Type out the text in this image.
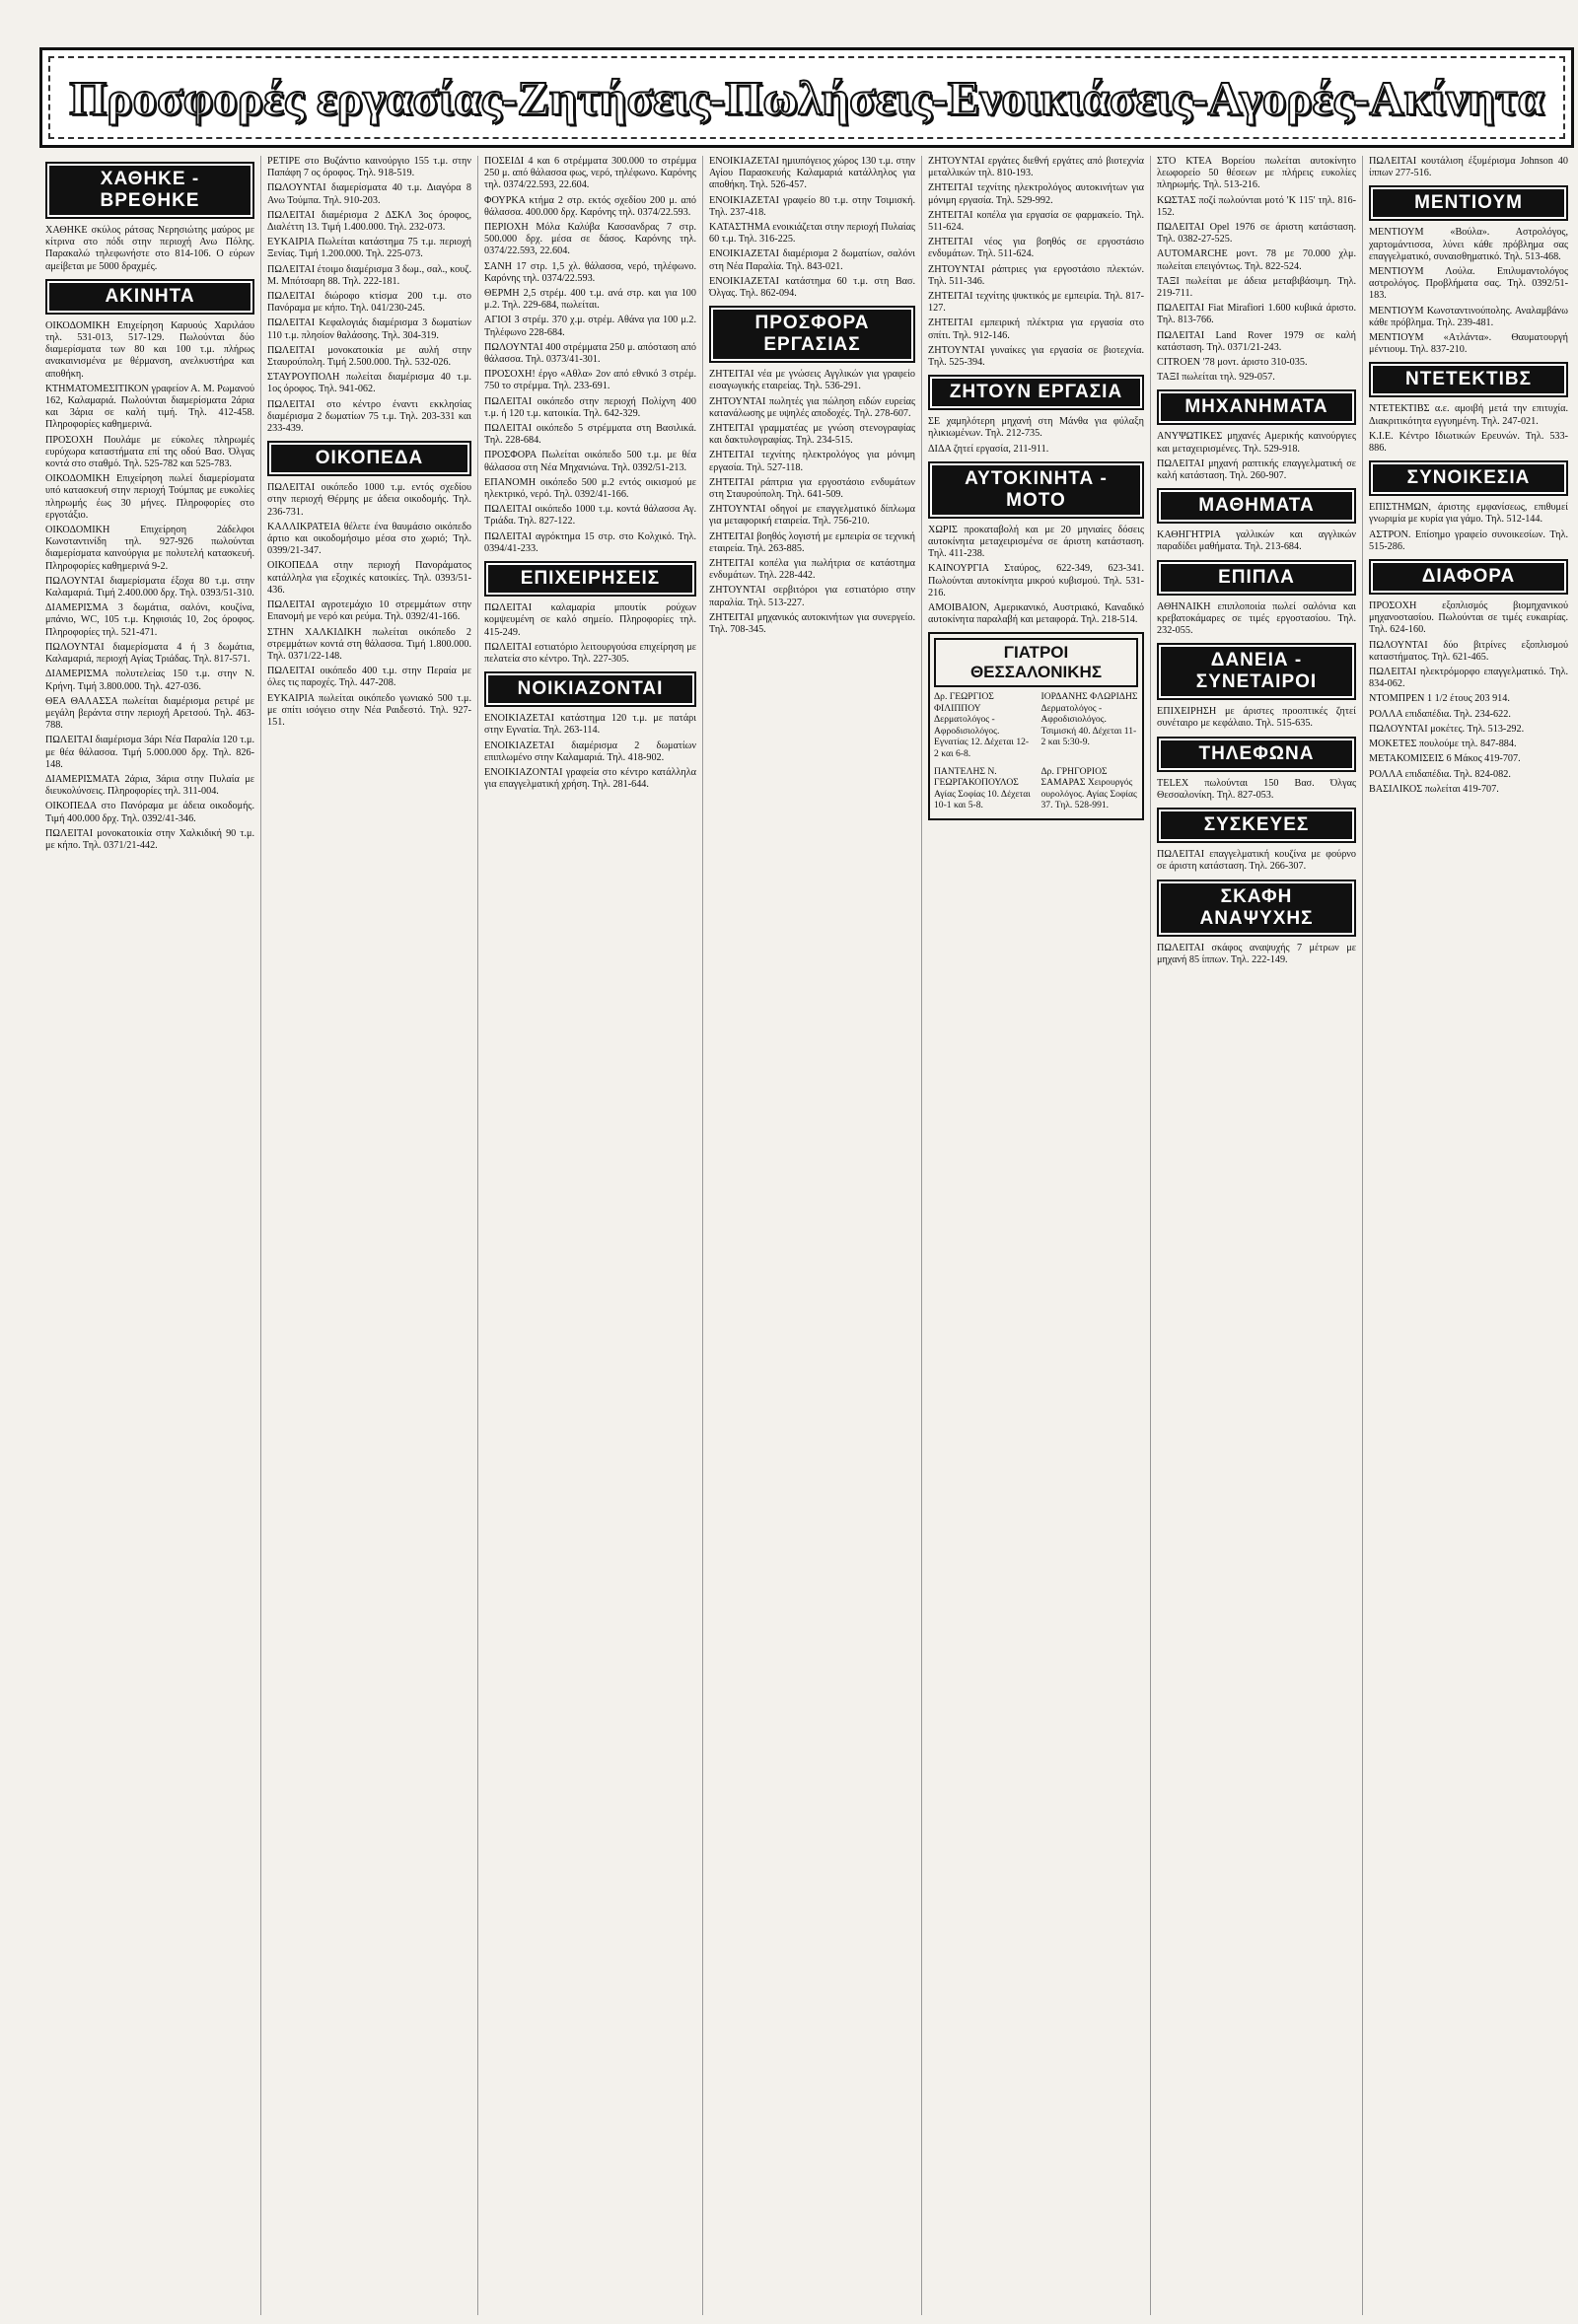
Προσφορές εργασίας-Ζητήσεις-Πωλήσεις-Ενοικιάσεις-Αγορές-Ακίνητα
ΧΑΘΗΚΕ - ΒΡΕΘΗΚΕ

ΧΑΘΗΚΕ σκύλος ράτσας Νερησιώτης μαύρος με κίτρινα στο πόδι στην περιοχή Ανω Πόλης. Παρακαλώ τηλεφωνήστε στο 814-106. Ο εύρων αμείβεται με 5000 δραχμές.

ΑΚΙΝΗΤΑ

ΟΙΚΟΔΟΜΙΚΗ Επιχείρηση Καρυούς Χαριλάου τηλ. 531-013, 517-129. Πωλούνται δύο διαμερίσματα των 80 και 100 τ.μ. πλήρως ανακαινισμένα με θέρμανση, ανελκυστήρα και αποθήκη.

ΚΤΗΜΑΤΟΜΕΣΙΤΙΚΟΝ γραφείον Α. Μ. Ρωμανού 162, Καλαμαριά. Πωλούνται διαμερίσματα 2άρια και 3άρια σε καλή τιμή. Τηλ. 412-458. Πληροφορίες καθημερινά.

ΠΡΟΣΟΧΗ Πουλάμε με εύκολες πληρωμές ευρύχωρα καταστήματα επί της οδού Βασ. Όλγας κοντά στο σταθμό. Τηλ. 525-782 και 525-783.

ΟΙΚΟΔΟΜΙΚΗ Επιχείρηση πωλεί διαμερίσματα υπό κατασκευή στην περιοχή Τούμπας με ευκολίες πληρωμής έως 30 μήνες. Πληροφορίες στο εργοτάξιο.

ΟΙΚΟΔΟΜΙΚΗ Επιχείρηση 2άδελφοι Κωνσταντινίδη τηλ. 927-926 πωλούνται διαμερίσματα καινούργια με πολυτελή κατασκευή. Πληροφορίες καθημερινά 9-2.

ΠΩΛΟΥΝΤΑΙ διαμερίσματα έξοχα 80 τ.μ. στην Καλαμαριά. Τιμή 2.400.000 δρχ. Τηλ. 0393/51-310.

ΔΙΑΜΕΡΙΣΜΑ 3 δωμάτια, σαλόνι, κουζίνα, μπάνιο, WC, 105 τ.μ. Κηφισιάς 10, 2ος όροφος. Πληροφορίες τηλ. 521-471.

ΠΩΛΟΥΝΤΑΙ διαμερίσματα 4 ή 3 δωμάτια, Καλαμαριά, περιοχή Αγίας Τριάδας. Τηλ. 817-571.

ΔΙΑΜΕΡΙΣΜΑ πολυτελείας 150 τ.μ. στην Ν. Κρήνη. Τιμή 3.800.000. Τηλ. 427-036.

ΘΕΑ ΘΑΛΑΣΣΑ πωλείται διαμέρισμα ρετιρέ με μεγάλη βεράντα στην περιοχή Αρετσού. Τηλ. 463-788.

ΠΩΛΕΙΤΑΙ διαμέρισμα 3άρι Νέα Παραλία 120 τ.μ. με θέα θάλασσα. Τιμή 5.000.000 δρχ. Τηλ. 826-148.

ΔΙΑΜΕΡΙΣΜΑΤΑ 2άρια, 3άρια στην Πυλαία με διευκολύνσεις. Πληροφορίες τηλ. 311-004.

ΟΙΚΟΠΕΔΑ στο Πανόραμα με άδεια οικοδομής. Τιμή 400.000 δρχ. Τηλ. 0392/41-346.

ΠΩΛΕΙΤΑΙ μονοκατοικία στην Χαλκιδική 90 τ.μ. με κήπο. Τηλ. 0371/21-442.

ΡΕΤΙΡΕ στο Βυζάντιο καινούργιο 155 τ.μ. στην Παπάφη 7 ος όροφος. Τηλ. 918-519.

ΠΩΛΟΥΝΤΑΙ διαμερίσματα 40 τ.μ. Διαγόρα 8 Ανω Τούμπα. Τηλ. 910-203.

ΠΩΛΕΙΤΑΙ διαμέρισμα 2 ΔΣΚΛ 3ος όροφος, Διαλέττη 13. Τιμή 1.400.000. Τηλ. 232-073.

ΕΥΚΑΙΡΙΑ Πωλείται κατάστημα 75 τ.μ. περιοχή Ξενίας. Τιμή 1.200.000. Τηλ. 225-073.

ΠΩΛΕΙΤΑΙ έτοιμο διαμέρισμα 3 δωμ., σαλ., κουζ. Μ. Μπότσαρη 88. Τηλ. 222-181.

ΠΩΛΕΙΤΑΙ διώροφο κτίσμα 200 τ.μ. στο Πανόραμα με κήπο. Τηλ. 041/230-245.

ΠΩΛΕΙΤΑΙ Κεφαλογιάς διαμέρισμα 3 δωματίων 110 τ.μ. πλησίον θαλάσσης. Τηλ. 304-319.

ΠΩΛΕΙΤΑΙ μονοκατοικία με αυλή στην Σταυρούπολη. Τιμή 2.500.000. Τηλ. 532-026.

ΣΤΑΥΡΟΥΠΟΛΗ πωλείται διαμέρισμα 40 τ.μ. 1ος όροφος. Τηλ. 941-062.

ΠΩΛΕΙΤΑΙ στο κέντρο έναντι εκκλησίας διαμέρισμα 2 δωματίων 75 τ.μ. Τηλ. 203-331 και 233-439.

ΟΙΚΟΠΕΔΑ

ΠΩΛΕΙΤΑΙ οικόπεδο 1000 τ.μ. εντός σχεδίου στην περιοχή Θέρμης με άδεια οικοδομής. Τηλ. 236-731.

ΚΑΛΛΙΚΡΑΤΕΙΑ θέλετε ένα θαυμάσιο οικόπεδο άρτιο και οικοδομήσιμο μέσα στο χωριό; Τηλ. 0399/21-347.

ΟΙΚΟΠΕΔΑ στην περιοχή Πανοράματος κατάλληλα για εξοχικές κατοικίες. Τηλ. 0393/51-436.

ΠΩΛΕΙΤΑΙ αγροτεμάχιο 10 στρεμμάτων στην Επανομή με νερό και ρεύμα. Τηλ. 0392/41-166.

ΣΤΗΝ ΧΑΛΚΙΔΙΚΗ πωλείται οικόπεδο 2 στρεμμάτων κοντά στη θάλασσα. Τιμή 1.800.000. Τηλ. 0371/22-148.

ΠΩΛΕΙΤΑΙ οικόπεδο 400 τ.μ. στην Περαία με όλες τις παροχές. Τηλ. 447-208.

ΕΥΚΑΙΡΙΑ πωλείται οικόπεδο γωνιακό 500 τ.μ. με σπίτι ισόγειο στην Νέα Ραιδεστό. Τηλ. 927-151.

ΠΟΣΕΙΔΙ 4 και 6 στρέμματα 300.000 το στρέμμα 250 μ. από θάλασσα φως, νερό, τηλέφωνο. Καρόνης τηλ. 0374/22.593, 22.604.

ΦΟΥΡΚΑ κτήμα 2 στρ. εκτός σχεδίου 200 μ. από θάλασσα. 400.000 δρχ. Καρόνης τηλ. 0374/22.593.

ΠΕΡΙΟΧΗ Μόλα Καλύβα Κασσανδρας 7 στρ. 500.000 δρχ. μέσα σε δάσος. Καρόνης τηλ. 0374/22.593, 22.604.

ΣΑΝΗ 17 στρ. 1,5 χλ. θάλασσα, νερό, τηλέφωνο. Καρόνης τηλ. 0374/22.593.

ΘΕΡΜΗ 2,5 στρέμ. 400 τ.μ. ανά στρ. και για 100 μ.2. Τηλ. 229-684, πωλείται.

ΑΓΙΟΙ 3 στρέμ. 370 χ.μ. στρέμ. Αθάνα για 100 μ.2. Τηλέφωνο 228-684.

ΠΩΛΟΥΝΤΑΙ 400 στρέμματα 250 μ. απόσταση από θάλασσα. Τηλ. 0373/41-301.

ΠΡΟΣΟΧΗ! έργο «Αθλα» 2ον από εθνικό 3 στρέμ. 750 το στρέμμα. Τηλ. 233-691.

ΠΩΛΕΙΤΑΙ οικόπεδο στην περιοχή Πολίχνη 400 τ.μ. ή 120 τ.μ. κατοικία. Τηλ. 642-329.

ΠΩΛΕΙΤΑΙ οικόπεδο 5 στρέμματα στη Βασιλικά. Τηλ. 228-684.

ΠΡΟΣΦΟΡΑ Πωλείται οικόπεδο 500 τ.μ. με θέα θάλασσα στη Νέα Μηχανιώνα. Τηλ. 0392/51-213.

ΕΠΑΝΟΜΗ οικόπεδο 500 μ.2 εντός οικισμού με ηλεκτρικό, νερό. Τηλ. 0392/41-166.

ΠΩΛΕΙΤΑΙ οικόπεδο 1000 τ.μ. κοντά θάλασσα Αγ. Τριάδα. Τηλ. 827-122.

ΠΩΛΕΙΤΑΙ αγρόκτημα 15 στρ. στο Κολχικό. Τηλ. 0394/41-233.

ΕΠΙΧΕΙΡΗΣΕΙΣ

ΠΩΛΕΙΤΑΙ καλαμαρία μπουτίκ ρούχων κομψευμένη σε καλό σημείο. Πληροφορίες τηλ. 415-249.

ΠΩΛΕΙΤΑΙ εστιατόριο λειτουργούσα επιχείρηση με πελατεία στο κέντρο. Τηλ. 227-305.

ΝΟΙΚΙΑΖΟΝΤΑΙ

ΕΝΟΙΚΙΑΖΕΤΑΙ κατάστημα 120 τ.μ. με πατάρι στην Εγνατία. Τηλ. 263-114.

ΕΝΟΙΚΙΑΖΕΤΑΙ διαμέρισμα 2 δωματίων επιπλωμένο στην Καλαμαριά. Τηλ. 418-902.

ΕΝΟΙΚΙΑΖΟΝΤΑΙ γραφεία στο κέντρο κατάλληλα για επαγγελματική χρήση. Τηλ. 281-644.

ΕΝΟΙΚΙΑΖΕΤΑΙ ημιυπόγειος χώρος 130 τ.μ. στην Αγίου Παρασκευής Καλαμαριά κατάλληλος για αποθήκη. Τηλ. 526-457.

ΕΝΟΙΚΙΑΖΕΤΑΙ γραφείο 80 τ.μ. στην Τσιμισκή. Τηλ. 237-418.

ΚΑΤΑΣΤΗΜΑ ενοικιάζεται στην περιοχή Πυλαίας 60 τ.μ. Τηλ. 316-225.

ΕΝΟΙΚΙΑΖΕΤΑΙ διαμέρισμα 2 δωματίων, σαλόνι στη Νέα Παραλία. Τηλ. 843-021.

ΕΝΟΙΚΙΑΖΕΤΑΙ κατάστημα 60 τ.μ. στη Βασ. Όλγας. Τηλ. 862-094.

ΠΡΟΣΦΟΡΑ ΕΡΓΑΣΙΑΣ

ΖΗΤΕΙΤΑΙ νέα με γνώσεις Αγγλικών για γραφείο εισαγωγικής εταιρείας. Τηλ. 536-291.

ΖΗΤΟΥΝΤΑΙ πωλητές για πώληση ειδών ευρείας κατανάλωσης με υψηλές αποδοχές. Τηλ. 278-607.

ΖΗΤΕΙΤΑΙ γραμματέας με γνώση στενογραφίας και δακτυλογραφίας. Τηλ. 234-515.

ΖΗΤΕΙΤΑΙ τεχνίτης ηλεκτρολόγος για μόνιμη εργασία. Τηλ. 527-118.

ΖΗΤΕΙΤΑΙ ράπτρια για εργοστάσιο ενδυμάτων στη Σταυρούπολη. Τηλ. 641-509.

ΖΗΤΟΥΝΤΑΙ οδηγοί με επαγγελματικό δίπλωμα για μεταφορική εταιρεία. Τηλ. 756-210.

ΖΗΤΕΙΤΑΙ βοηθός λογιστή με εμπειρία σε τεχνική εταιρεία. Τηλ. 263-885.

ΖΗΤΕΙΤΑΙ κοπέλα για πωλήτρια σε κατάστημα ενδυμάτων. Τηλ. 228-442.

ΖΗΤΟΥΝΤΑΙ σερβιτόροι για εστιατόριο στην παραλία. Τηλ. 513-227.

ΖΗΤΕΙΤΑΙ μηχανικός αυτοκινήτων για συνεργείο. Τηλ. 708-345.

ΖΗΤΟΥΝΤΑΙ εργάτες διεθνή εργάτες από βιοτεχνία μεταλλικών τηλ. 810-193.

ΖΗΤΕΙΤΑΙ τεχνίτης ηλεκτρολόγος αυτοκινήτων για μόνιμη εργασία. Τηλ. 529-992.

ΖΗΤΕΙΤΑΙ κοπέλα για εργασία σε φαρμακείο. Τηλ. 511-624.

ΖΗΤΕΙΤΑΙ νέος για βοηθός σε εργοστάσιο ενδυμάτων. Τηλ. 511-624.

ΖΗΤΟΥΝΤΑΙ ράπτριες για εργοστάσιο πλεκτών. Τηλ. 511-346.

ΖΗΤΕΙΤΑΙ τεχνίτης ψυκτικός με εμπειρία. Τηλ. 817-127.

ΖΗΤΕΙΤΑΙ εμπειρική πλέκτρια για εργασία στο σπίτι. Τηλ. 912-146.

ΖΗΤΟΥΝΤΑΙ γυναίκες για εργασία σε βιοτεχνία. Τηλ. 525-394.

ΖΗΤΟΥΝ ΕΡΓΑΣΙΑ

ΣΕ χαμηλότερη μηχανή στη Μάνθα για φύλαξη ηλικιωμένων. Τηλ. 212-735.

ΔΙΔΑ ζητεί εργασία, 211-911.

ΑΥΤΟΚΙΝΗΤΑ - ΜΟΤΟ

ΧΩΡΙΣ προκαταβολή και με 20 μηνιαίες δόσεις αυτοκίνητα μεταχειρισμένα σε άριστη κατάσταση. Τηλ. 411-238.

ΚΑΙΝΟΥΡΓΙΑ Σταύρος, 622-349, 623-341. Πωλούνται αυτοκίνητα μικρού κυβισμού. Τηλ. 531-216.

ΑΜΟΙΒΑΙΟΝ, Αμερικανικό, Αυστριακό, Καναδικό αυτοκίνητα παραλαβή και μεταφορά. Τηλ. 218-514.

ΓΙΑΤΡΟΙ ΘΕΣΣΑΛΟΝΙΚΗΣ

Δρ. ΓΕΩΡΓΙΟΣ ΦΙΛΙΠΠΟΥ Δερματολόγος - Αφροδισιολόγος. Εγνατίας 12. Δέχεται 12-2 και 6-8.

ΙΟΡΔΑΝΗΣ ΦΛΩΡΙΔΗΣ Δερματολόγος - Αφροδισιολόγος. Τσιμισκή 40. Δέχεται 11-2 και 5:30-9.

ΠΑΝΤΕΛΗΣ Ν. ΓΕΩΡΓΑΚΟΠΟΥΛΟΣ Αγίας Σοφίας 10. Δέχεται 10-1 και 5-8.

Δρ. ΓΡΗΓΟΡΙΟΣ ΣΑΜΑΡΑΣ Χειρουργός ουρολόγος. Αγίας Σοφίας 37. Τηλ. 528-991.

ΣΤΟ ΚΤΕΑ Βορείου πωλείται αυτοκίνητο λεωφορείο 50 θέσεων με πλήρεις ευκολίες πληρωμής. Τηλ. 513-216.

ΚΩΣΤΑΣ ποζί πωλούνται μοτό 'Κ 115' τηλ. 816-152.

ΠΩΛΕΙΤΑΙ Opel 1976 σε άριστη κατάσταση. Τηλ. 0382-27-525.

AUTOMARCHE μοντ. 78 με 70.000 χλμ. πωλείται επειγόντως. Τηλ. 822-524.

ΤΑΞΙ πωλείται με άδεια μεταβιβάσιμη. Τηλ. 219-711.

ΠΩΛΕΙΤΑΙ Fiat Mirafiori 1.600 κυβικά άριστο. Τηλ. 813-766.

ΠΩΛΕΙΤΑΙ Land Rover 1979 σε καλή κατάσταση. Τηλ. 0371/21-243.

CITROEN '78 μοντ. άριστο 310-035.

ΤΑΞΙ πωλείται τηλ. 929-057.

ΜΗΧΑΝΗΜΑΤΑ

ΑΝΥΨΩΤΙΚΕΣ μηχανές Αμερικής καινούργιες και μεταχειρισμένες. Τηλ. 529-918.

ΠΩΛΕΙΤΑΙ μηχανή ραπτικής επαγγελματική σε καλή κατάσταση. Τηλ. 260-907.

ΜΑΘΗΜΑΤΑ

ΚΑΘΗΓΗΤΡΙΑ γαλλικών και αγγλικών παραδίδει μαθήματα. Τηλ. 213-684.

ΕΠΙΠΛΑ

ΑΘΗΝΑΙΚΗ επιπλοποιία πωλεί σαλόνια και κρεβατοκάμαρες σε τιμές εργοστασίου. Τηλ. 232-055.

ΔΑΝΕΙΑ - ΣΥΝΕΤΑΙΡΟΙ

ΕΠΙΧΕΙΡΗΣΗ με άριστες προοπτικές ζητεί συνέταιρο με κεφάλαιο. Τηλ. 515-635.

ΤΗΛΕΦΩΝΑ

TELEX πωλούνται 150 Βασ. Όλγας Θεσσαλονίκη. Τηλ. 827-053.

ΣΥΣΚΕΥΕΣ

ΠΩΛΕΙΤΑΙ επαγγελματική κουζίνα με φούρνο σε άριστη κατάσταση. Τηλ. 266-307.

ΣΚΑΦΗ ΑΝΑΨΥΧΗΣ

ΠΩΛΕΙΤΑΙ σκάφος αναψυχής 7 μέτρων με μηχανή 85 ίππων. Τηλ. 222-149.

ΠΩΛΕΙΤΑΙ κουτάλιση έξυμέρισμα Johnson 40 ίππων 277-516.

ΜΕΝΤΙΟΥΜ

ΜΕΝΤΙΟΥΜ «Βούλα». Αστρολόγος, χαρτομάντισσα, λύνει κάθε πρόβλημα σας επαγγελματικό, συναισθηματικό. Τηλ. 513-468.

ΜΕΝΤΙΟΥΜ Λούλα. Επιλυμαντολόγος αστρολόγος. Προβλήματα σας. Τηλ. 0392/51-183.

ΜΕΝΤΙΟΥΜ Κωνσταντινούπολης. Αναλαμβάνω κάθε πρόβλημα. Τηλ. 239-481.

ΜΕΝΤΙΟΥΜ «Ατλάντα». Θαυματουργή μέντιουμ. Τηλ. 837-210.

ΝΤΕΤΕΚΤΙΒΣ

ΝΤΕΤΕΚΤΙΒΣ α.ε. αμοιβή μετά την επιτυχία. Διακριτικότητα εγγυημένη. Τηλ. 247-021.

Κ.Ι.Ε. Κέντρο Ιδιωτικών Ερευνών. Τηλ. 533-886.

ΣΥΝΟΙΚΕΣΙΑ

ΕΠΙΣΤΗΜΩΝ, άριστης εμφανίσεως, επιθυμεί γνωριμία με κυρία για γάμο. Τηλ. 512-144.

ΑΣΤΡΟΝ. Επίσημο γραφείο συνοικεσίων. Τηλ. 515-286.

ΔΙΑΦΟΡΑ

ΠΡΟΣΟΧΗ εξοπλισμός βιομηχανικού μηχανοστασίου. Πωλούνται σε τιμές ευκαιρίας. Τηλ. 624-160.

ΠΩΛΟΥΝΤΑΙ δύο βιτρίνες εξοπλισμού καταστήματος. Τηλ. 621-465.

ΠΩΛΕΙΤΑΙ ηλεκτρόμορφο επαγγελματικό. Τηλ. 834-062.

ΝΤΟΜΠΡΕΝ 1 1/2 έτους 203 914.

ΡΟΛΛΑ επιδαπέδια. Τηλ. 234-622.

ΠΩΛΟΥΝΤΑΙ μοκέτες. Τηλ. 513-292.

ΜΟΚΕΤΕΣ πουλούμε τηλ. 847-884.

ΜΕΤΑΚΟΜΙΣΕΙΣ 6 Μάκος 419-707.

ΡΟΛΛΑ επιδαπέδια. Τηλ. 824-082.

ΒΑΣΙΛΙΚΟΣ πωλείται 419-707.
